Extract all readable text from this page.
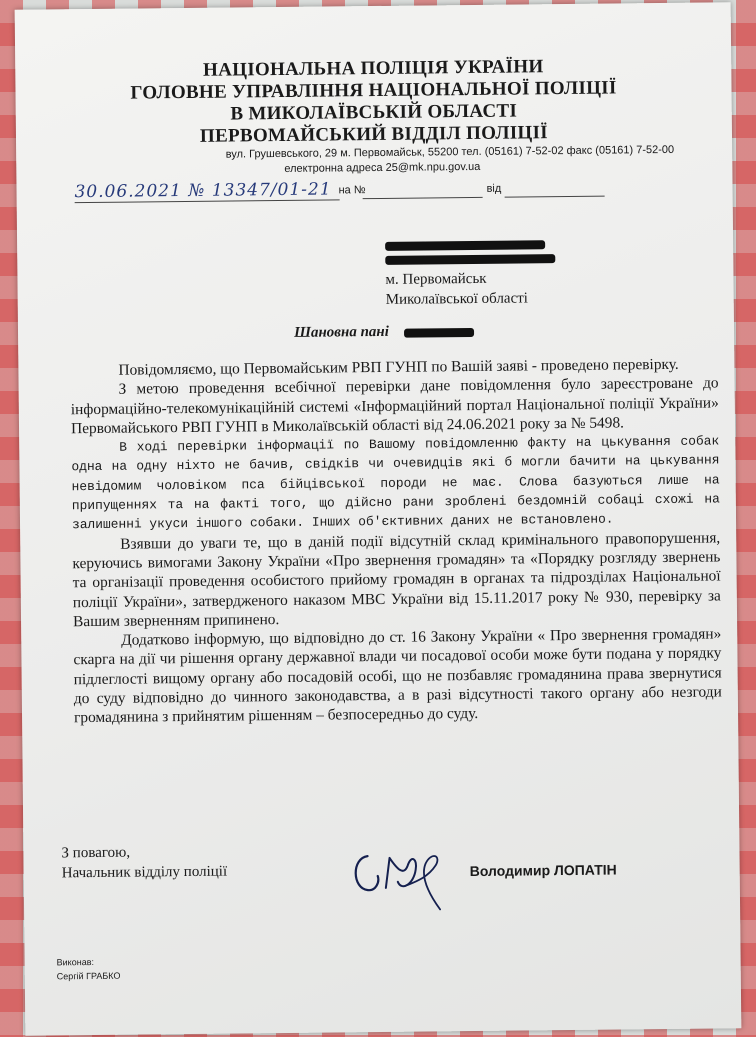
НАЦІОНАЛЬНА ПОЛІЦІЯ УКРАЇНИ
ГОЛОВНЕ УПРАВЛІННЯ НАЦІОНАЛЬНОЇ ПОЛІЦІЇ
В МИКОЛАЇВСЬКІЙ ОБЛАСТІ
ПЕРВОМАЙСЬКИЙ ВІДДІЛ ПОЛІЦІЇ
вул. Грушевського, 29 м. Первомайськ, 55200 тел. (05161) 7-52-02 факс (05161) 7-52-00
електронна адреса 25@mk.npu.gov.ua
30.06.2021 № 13347/01-21 на №	від
м. Первомайськ
Миколаївської області
Шановна пані

Повідомляємо, що Первомайським РВП ГУНП по Вашій заяві - проведено перевірку.

З метою проведення всебічної перевірки дане повідомлення було зареєстроване до інформаційно-телекомунікаційній системі «Інформаційний портал Національної поліції України» Первомайського РВП ГУНП в Миколаївській області від 24.06.2021 року за № 5498.

В ході перевірки інформації по Вашому повідомленню факту на цькування собак одна на одну ніхто не бачив, свідків чи очевидців які б могли бачити на цькування невідомим чоловіком пса бійцівської породи не має. Слова базуються лише на припущеннях та на факті того, що дійсно рани зроблені бездомній собаці схожі на залишенні укуси іншого собаки. Інших об'єктивних даних не встановлено.

Взявши до уваги те, що в даній події відсутній склад кримінального правопорушення, керуючись вимогами Закону України «Про звернення громадян» та «Порядку розгляду звернень та організації проведення особистого прийому громадян в органах та підрозділах Національної поліції України», затвердженого наказом МВС України від 15.11.2017 року № 930, перевірку за Вашим зверненням припинено.

Додатково інформую, що відповідно до ст. 16 Закону України « Про звернення громадян» скарга на дії чи рішення органу державної влади чи посадової особи може бути подана у порядку підлеглості вищому органу або посадовій особі, що не позбавляє громадянина права звернутися до суду відповідно до чинного законодавства, а в разі відсутності такого органу або незгоди громадянина з прийнятим рішенням – безпосередньо до суду.

З повагою,
Начальник відділу поліції	Володимир ЛОПАТІН
Виконав:
Сергій ГРАБКО
